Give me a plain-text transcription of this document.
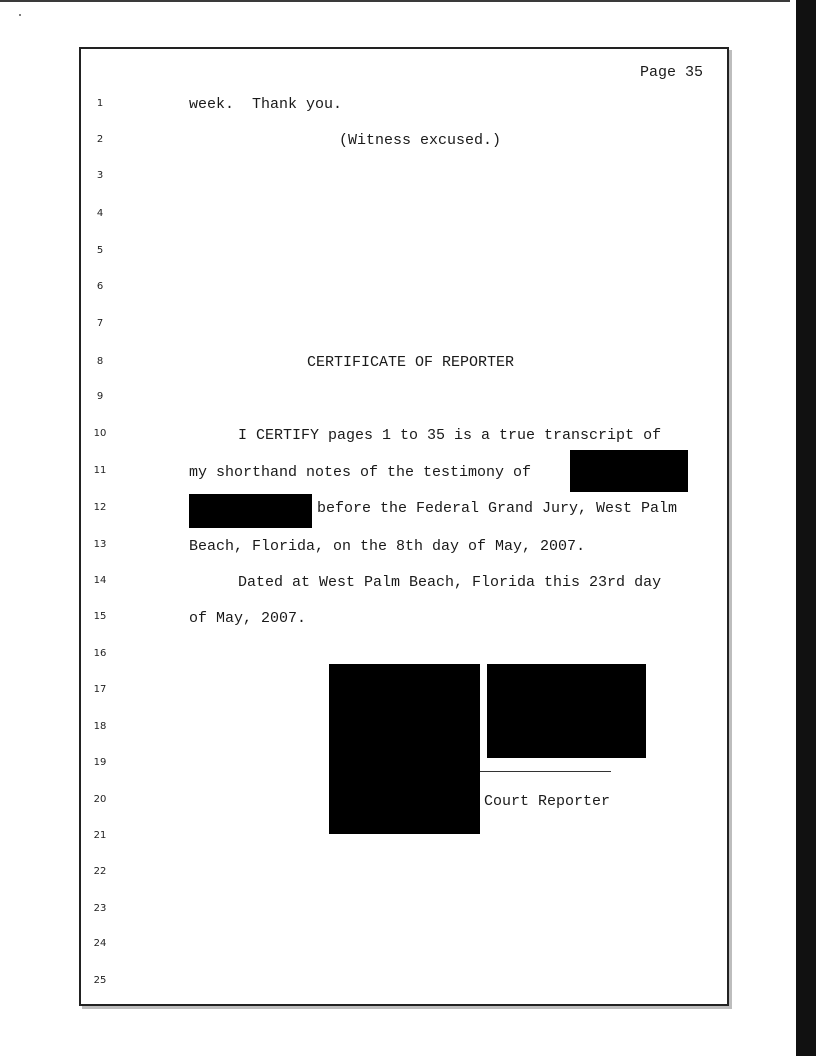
Page 35
1
2
3
4
5
6
7
8
9
10
11
12
13
14
15
16
17
18
19
20
21
22
23
24
25
week.  Thank you.
(Witness excused.)
CERTIFICATE OF REPORTER
I CERTIFY pages 1 to 35 is a true transcript of
my shorthand notes of the testimony of
before the Federal Grand Jury, West Palm
Beach, Florida, on the 8th day of May, 2007.
Dated at West Palm Beach, Florida this 23rd day
of May, 2007.
Court Reporter
